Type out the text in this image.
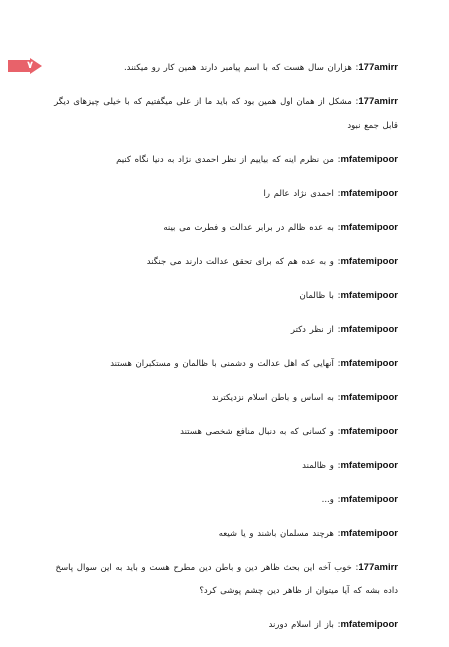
۷	177amirr: هزاران سال هست که با اسم پیامبر دارند همین کار رو میکنند.

177amirr: مشکل از همان اول همین بود که باید ما از علی میگفتیم که با خیلی چیزهای دیگر قابل جمع نبود

mfatemipoor: من نظرم اینه که بیاییم از نظر احمدی نژاد به دنیا نگاه کنیم

mfatemipoor: احمدی نژاد عالم را

mfatemipoor: به عده ظالم در برابر عدالت و فطرت می بینه

mfatemipoor: و به عده هم که برای تحقق عدالت دارند می جنگند

mfatemipoor: با ظالمان

mfatemipoor: از نظر دکتر

mfatemipoor: آنهایی که اهل عدالت و دشمنی با ظالمان و مستکبران هستند

mfatemipoor: به اساس و باطن اسلام نزدیکترند

mfatemipoor: و کسانی که به دنبال منافع شخصی هستند

mfatemipoor: و ظالمند

mfatemipoor: و...

mfatemipoor: هرچند مسلمان باشند و یا شیعه

177amirr: خوب آخه این بحث ظاهر دین و باطن دین مطرح هست و باید به این سوال پاسخ داده بشه که آیا میتوان از ظاهر دین چشم پوشی کرد؟

mfatemipoor: باز از اسلام دورند
